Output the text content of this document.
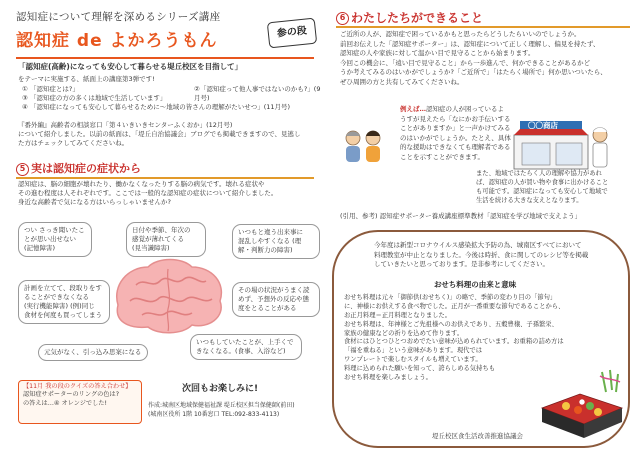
認知症について理解を深めるシリーズ講座
認知症 de よかろうもん	参の段
「認知症(高齢)になっても安心して暮らせる堤丘校区を目指して」
をテーマに実施する、紙面上の講座第3弾です!
① 「認知症とは?」	②「認知症って他人事ではないのかも?」(9月号)
③ 「認知症の方の多くは地域で生活しています」
④ 「認知症になっても安心して暮らせるために～地域の皆さんの理解がたいせつ」(11月号)
『番外編』高齢者の相談窓口「第４いきいきセンターふくおか」(12月号)
について紹介しました。以前の紙面は、「堤丘自治協議会」ブログでも掲載できますので、見逃し
た方はチェックしてみてくださいね。
5 実は認知症の症状から
認知症は、脳の細胞が壊れたり、働かなくなったりする脳の病気です。壊れる症状や
その進む程度は人それぞれです。ここでは一般的な認知症の症状について紹介しました。
身近な高齢者で気になる方はいらっしゃいませんか?
つい さっき聞いたこ
とが思い出せない
(記憶障害)
日付や季節、年次の
感覚が薄れてくる
(見当識障害)
いつもと違う出来事に
混乱しやすくなる (理
解・判断力の障害)
計画を立てて、段取りをす
ることができなくなる
(実行機能障害) (例)同じ
食材を何度も買ってしまう
その場の状況がうまく読
めず、予想外の反応や態
度をとることがある
元気がなく、引っ込み思案になる
いつもしていたことが、上手くで
きなくなる。(食事、入浴など)
【11月 我の段のクイズの答え合わせ】
認知症サポーターのリングの色は?
の答えは…④ オレンジでした!
次回もお楽しみに!
作成:城南区地域保健福祉課 堤丘校区担当保健師(前田)
(城南区役所 1階 10番窓口 TEL:092-833-4113)
6 わたしたちができること
ご近所の人が、認知症で困っているかもと思ったらどうしたらいいのでしょうか。
前回お伝えした「認知症サポーター」は、認知症について正しく理解し、偏見を持たず、
認知症の人や家族に対して温かい目で見守ることから始まります。
今回この機会に、「遠い目で見守ること」から一歩進んで、何かできることがあるかど
うか考えてみるのはいかがでしょうか?「ご近所で」「はたらく場所で」何か思いついたら、
ぜひ周囲の方と共有してみてくださいね。
例えば…認知症の人が困っているよ
うすが見えたら「なにかお手伝いする
ことがありますか」と一声かけてみる
のはいかがでしょうか。たとえ、具体
的な援助はできなくても理解者である
ことを示すことができます。
〇〇商店
また、地域ではたらく人の理解や協力があれ
ば、認知症の人が買い物や食事に出かけること
も可能です。認知症になっても安心して地域で
生活を続ける大きな支えとなります。
(引用、参考) 認知症サポーター養成講座標準教材「認知症を学び地域で支えよう」
今年度は新型コロナウイルス感染拡大予防の為、城南区すべてにおいて
料理教室が中止となりました。今後は時折、食に関してのレシピ等を掲載
していきたいと思っております。是非参考にしてください。
おせち料理の由来と意味
おせち料理は元々「御節供(おせちく)」の略で、季節の変わり目の「節句」
に、神様にお供えする食べ物でした。正月が一番重要な節句であることから、
お正月料理＝正月料理となりました。
おせち料理は、年神様とご先祖様へのお供えであり、五穀豊穣、子孫繁栄、
家族の健康などの祈りを込めて作ります。
食材にはひとつひとつおめでたい意味が込められています。お重箱の詰め方は
「福を重ねる」という意味があります。現代では
ワンプレートで楽しむスタイルも増えています。
料理に込められた願いを知って、誇らしめる気持ちも
おせち料理を楽しみましょう。
堤丘校区食生活改善推進協議会
